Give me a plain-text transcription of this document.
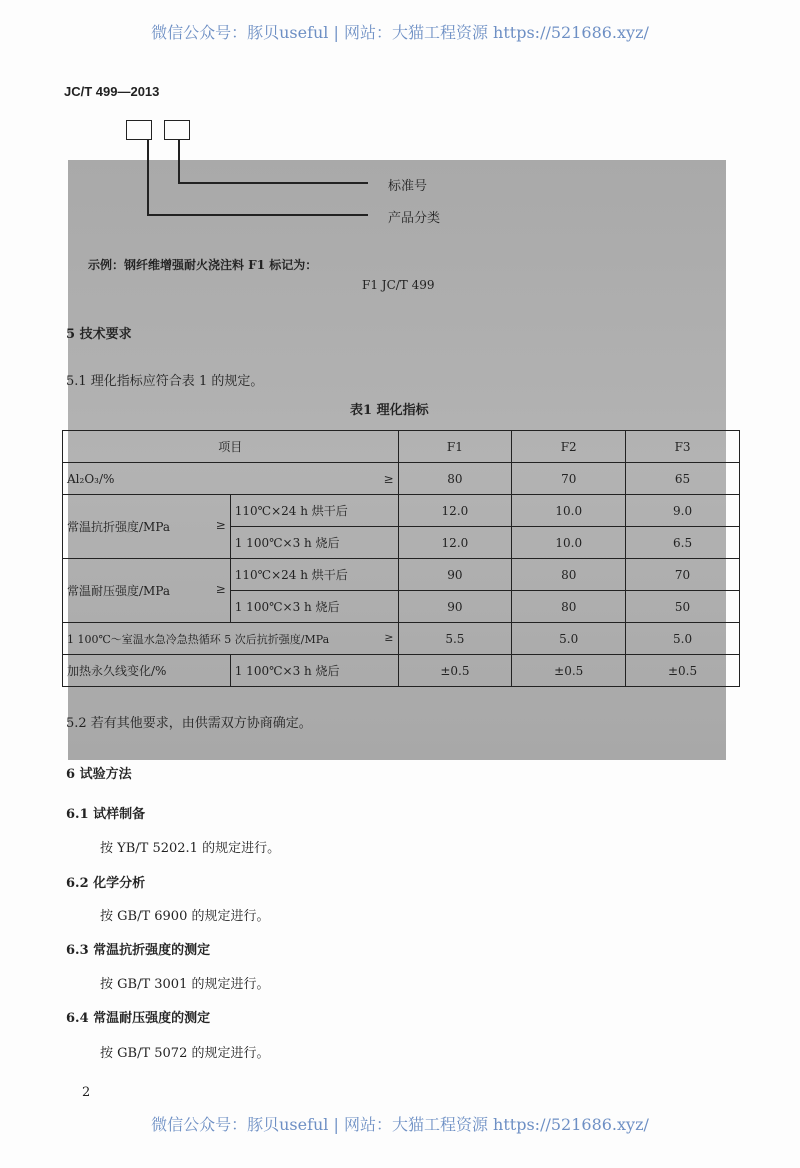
微信公众号：豚贝useful | 网站：大猫工程资源 https://521686.xyz/
JC/T 499—2013
标准号
产品分类
示例：钢纤维增强耐火浇注料 F1 标记为：
F1 JC/T 499
5 技术要求
5.1 理化指标应符合表 1 的规定。
表1 理化指标
项目		F1	F2	F3
Al₂O₃/% ≥		80	70	65
常温抗折强度/MPa ≥	110℃×24 h 烘干后	12.0	10.0	9.0
	1 100℃×3 h 烧后	12.0	10.0	6.5
常温耐压强度/MPa ≥	110℃×24 h 烘干后	90	80	70
	1 100℃×3 h 烧后	90	80	50
1 100℃～室温水急冷急热循环 5 次后抗折强度/MPa ≥		5.5	5.0	5.0
加热永久线变化/%	1 100℃×3 h 烧后	±0.5	±0.5	±0.5
5.2 若有其他要求，由供需双方协商确定。
6 试验方法
6.1 试样制备
按 YB/T 5202.1 的规定进行。
6.2 化学分析
按 GB/T 6900 的规定进行。
6.3 常温抗折强度的测定
按 GB/T 3001 的规定进行。
6.4 常温耐压强度的测定
按 GB/T 5072 的规定进行。
2
微信公众号：豚贝useful | 网站：大猫工程资源 https://521686.xyz/
